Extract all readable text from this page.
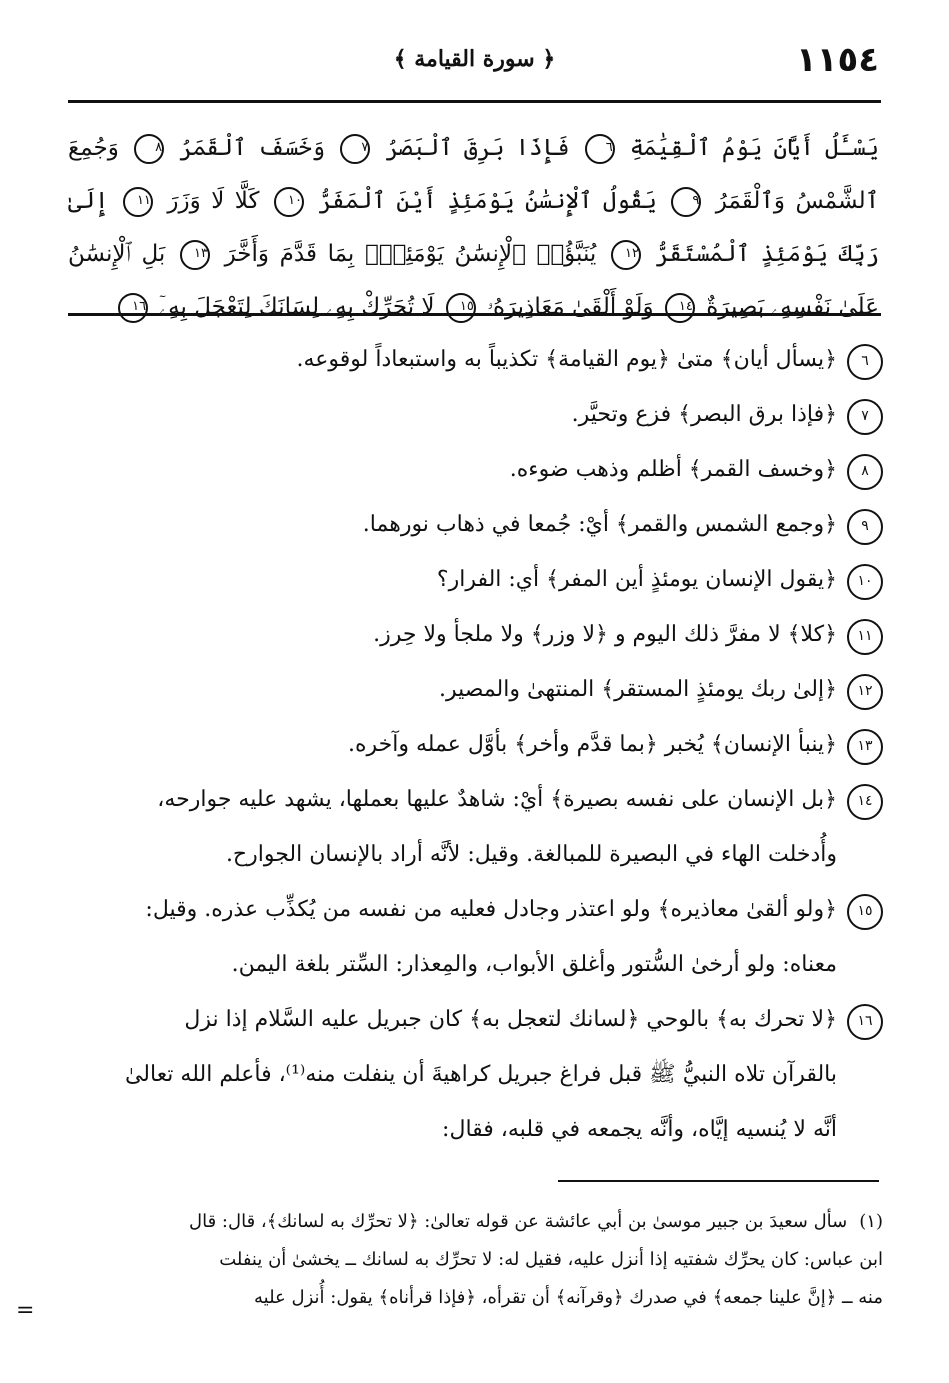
١١٥٤
﴿ سورة القيامة ﴾
يَسْـَٔلُ أَيَّانَ يَوْمُ ٱلْقِيَٰمَةِ ٦ فَإِذَا بَرِقَ ٱلْبَصَرُ ٧ وَخَسَفَ ٱلْقَمَرُ ٨ وَجُمِعَ ٱلشَّمْسُ وَٱلْقَمَرُ ٩ يَقُولُ ٱلْإِنسَٰنُ يَوْمَئِذٍ أَيْنَ ٱلْمَفَرُّ ١٠ كَلَّا لَا وَزَرَ ١١ إِلَىٰ رَبِّكَ يَوْمَئِذٍ ٱلْمُسْتَقَرُّ ١٢ يُنَبَّؤُا۟ ٱلْإِنسَٰنُ يَوْمَئِذٍۭ بِمَا قَدَّمَ وَأَخَّرَ ١٣ بَلِ ٱلْإِنسَٰنُ عَلَىٰ نَفْسِهِۦ بَصِيرَةٌ ١٤ وَلَوْ أَلْقَىٰ مَعَاذِيرَهُۥ ١٥ لَا تُحَرِّكْ بِهِۦ لِسَانَكَ لِتَعْجَلَ بِهِۦٓ ١٦
٦
﴿يسأل أيان﴾ متىٰ ﴿يوم القيامة﴾ تكذيباً به واستبعاداً لوقوعه.
٧
﴿فإذا برق البصر﴾ فزع وتحيَّر.
٨
﴿وخسف القمر﴾ أظلم وذهب ضوءه.
٩
﴿وجمع الشمس والقمر﴾ أيْ: جُمعا في ذهاب نورهما.
١٠
﴿يقول الإنسان يومئذٍ أين المفر﴾ أي: الفرار؟
١١
﴿كلا﴾ لا مفرَّ ذلك اليوم و ﴿لا وزر﴾ ولا ملجأ ولا حِرز.
١٢
﴿إلىٰ ربك يومئذٍ المستقر﴾ المنتهىٰ والمصير.
١٣
﴿ينبأ الإنسان﴾ يُخبر ﴿بما قدَّم وأخر﴾ بأوَّل عمله وآخره.
١٤
﴿بل الإنسان على نفسه بصيرة﴾ أيْ: شاهدٌ عليها بعملها، يشهد عليه جوارحه،
وأُدخلت الهاء في البصيرة للمبالغة. وقيل: لأنَّه أراد بالإنسان الجوارح.
١٥
﴿ولو ألقىٰ معاذيره﴾ ولو اعتذر وجادل فعليه من نفسه من يُكذِّب عذره. وقيل:
معناه: ولو أرخىٰ السُّتور وأغلق الأبواب، والمِعذار: السِّتر بلغة اليمن.
١٦
﴿لا تحرك به﴾ بالوحي ﴿لسانك لتعجل به﴾ كان جبريل عليه السَّلام إذا نزل
بالقرآن تلاه النبيُّ ﷺ قبل فراغ جبريل كراهيةَ أن ينفلت منه⁽¹⁾، فأعلم الله تعالىٰ
أنَّه لا يُنسيه إيَّاه، وأنَّه يجمعه في قلبه، فقال:
(١)سأل سعيدَ بن جبير موسىٰ بن أبي عائشة عن قوله تعالىٰ: ﴿لا تحرِّك به لسانك﴾، قال: قال
ابن عباس: كان يحرِّك شفتيه إذا أنزل عليه، فقيل له: لا تحرِّك به لسانك ــ يخشىٰ أن ينفلت
منه ــ ﴿إنَّ علينا جمعه﴾ في صدرك ﴿وقرآنه﴾ أن تقرأه، ﴿فإذا قرأناه﴾ يقول: أُنزل عليه
=
